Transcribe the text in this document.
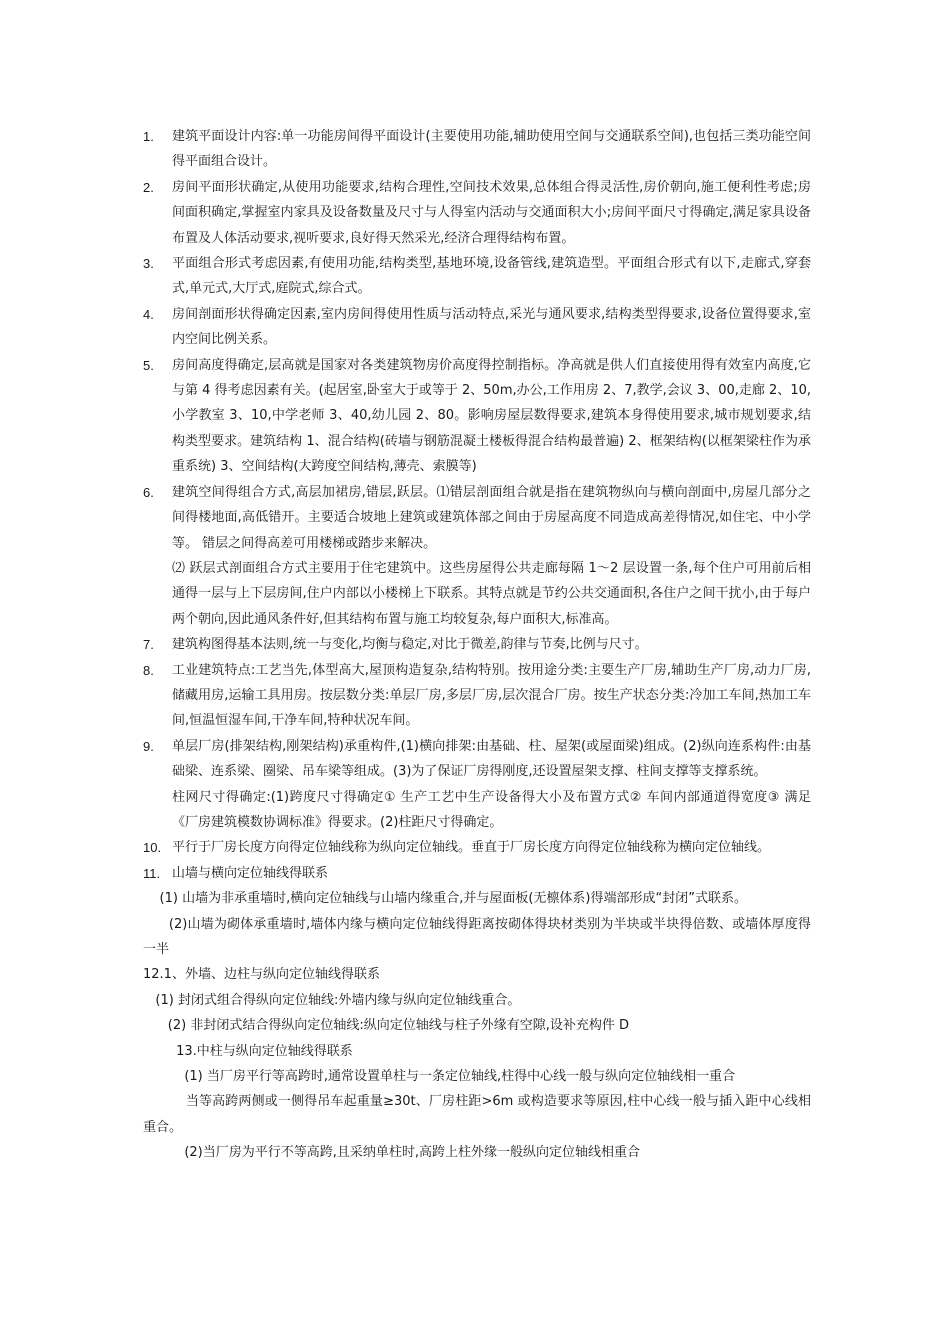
1. 建筑平面设计内容:单一功能房间得平面设计(主要使用功能,辅助使用空间与交通联系空间),也包括三类功能空间得平面组合设计。
2. 房间平面形状确定,从使用功能要求,结构合理性,空间技术效果,总体组合得灵活性,房价朝向,施工便利性考虑;房间面积确定,掌握室内家具及设备数量及尺寸与人得室内活动与交通面积大小;房间平面尺寸得确定,满足家具设备布置及人体活动要求,视听要求,良好得天然采光,经济合理得结构布置。
3. 平面组合形式考虑因素,有使用功能,结构类型,基地环境,设备管线,建筑造型。平面组合形式有以下,走廊式,穿套式,单元式,大厅式,庭院式,综合式。
4. 房间剖面形状得确定因素,室内房间得使用性质与活动特点,采光与通风要求,结构类型得要求,设备位置得要求,室内空间比例关系。
5. 房间高度得确定,层高就是国家对各类建筑物房价高度得控制指标。净高就是供人们直接使用得有效室内高度,它与第 4 得考虑因素有关。(起居室,卧室大于或等于 2、50m,办公,工作用房 2、7,教学,会议 3、00,走廊 2、10,小学教室 3、10,中学老师 3、40,幼儿园 2、80。影响房屋层数得要求,建筑本身得使用要求,城市规划要求,结构类型要求。建筑结构 1、混合结构(砖墙与钢筋混凝土楼板得混合结构最普遍) 2、框架结构(以框架梁柱作为承重系统) 3、空间结构(大跨度空间结构,薄壳、索膜等)
6. 建筑空间得组合方式,高层加裙房,错层,跃层。⑴错层剖面组合就是指在建筑物纵向与横向剖面中,房屋几部分之间得楼地面,高低错开。主要适合坡地上建筑或建筑体部之间由于房屋高度不同造成高差得情况,如住宅、中小学等。 错层之间得高差可用楼梯或踏步来解决。
⑵ 跃层式剖面组合方式主要用于住宅建筑中。这些房屋得公共走廊每隔 1～2 层设置一条,每个住户可用前后相通得一层与上下层房间,住户内部以小楼梯上下联系。其特点就是节约公共交通面积,各住户之间干扰小,由于每户两个朝向,因此通风条件好,但其结构布置与施工均较复杂,每户面积大,标准高。
7. 建筑构图得基本法则,统一与变化,均衡与稳定,对比于微差,韵律与节奏,比例与尺寸。
8. 工业建筑特点:工艺当先,体型高大,屋顶构造复杂,结构特别。按用途分类:主要生产厂房,辅助生产厂房,动力厂房,储藏用房,运输工具用房。按层数分类:单层厂房,多层厂房,层次混合厂房。按生产状态分类:冷加工车间,热加工车间,恒温恒湿车间,干净车间,特种状况车间。
9. 单层厂房(排架结构,刚架结构)承重构件,(1)横向排架:由基础、柱、屋架(或屋面梁)组成。(2)纵向连系构件:由基础梁、连系梁、圈梁、吊车梁等组成。(3)为了保证厂房得刚度,还设置屋架支撑、柱间支撑等支撑系统。
柱网尺寸得确定:(1)跨度尺寸得确定① 生产工艺中生产设备得大小及布置方式② 车间内部通道得宽度③ 满足《厂房建筑模数协调标准》得要求。(2)柱距尺寸得确定。
10. 平行于厂房长度方向得定位轴线称为纵向定位轴线。垂直于厂房长度方向得定位轴线称为横向定位轴线。
11. 山墙与横向定位轴线得联系
(1) 山墙为非承重墙时,横向定位轴线与山墙内缘重合,并与屋面板(无檩体系)得端部形成“封闭”式联系。
(2)山墙为砌体承重墙时,墙体内缘与横向定位轴线得距离按砌体得块材类别为半块或半块得倍数、或墙体厚度得一半
12.1、外墙、边柱与纵向定位轴线得联系
(1) 封闭式组合得纵向定位轴线:外墙内缘与纵向定位轴线重合。
(2) 非封闭式结合得纵向定位轴线:纵向定位轴线与柱子外缘有空隙,设补充构件 D
13.中柱与纵向定位轴线得联系
(1) 当厂房平行等高跨时,通常设置单柱与一条定位轴线,柱得中心线一般与纵向定位轴线相一重合
当等高跨两侧或一侧得吊车起重量≥30t、厂房柱距>6m 或构造要求等原因,柱中心线一般与插入距中心线相重合。
(2)当厂房为平行不等高跨,且采纳单柱时,高跨上柱外缘一般纵向定位轴线相重合
